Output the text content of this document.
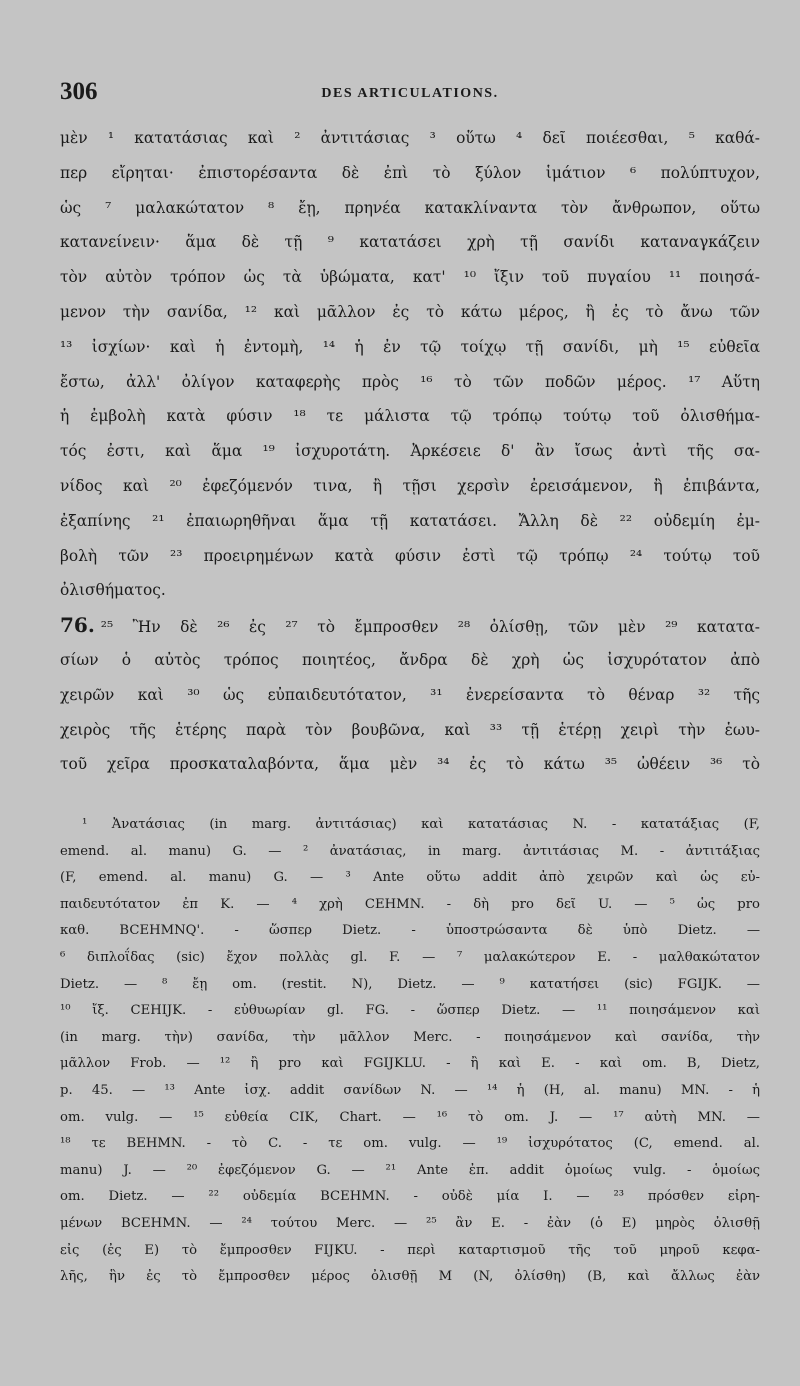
306	DES ARTICULATIONS.
μὲν ¹ κατατάσιας καὶ ² ἀντιτάσιας ³ οὕτω ⁴ δεῖ ποιέεσθαι, ⁵ καθά-
περ εἴρηται· ἐπιστορέσαντα δὲ ἐπὶ τὸ ξύλον ἱμάτιον ⁶ πολύπτυχον,
ὡς ⁷ μαλακώτατον ⁸ ἔῃ, πρηνέα κατακλίναντα τὸν ἄνθρωπον, οὕτω
κατανείνειν· ἅμα δὲ τῇ ⁹ κατατάσει χρὴ τῇ σανίδι καταναγκάζειν
τὸν αὐτὸν τρόπον ὡς τὰ ὑβώματα, κατ' ¹⁰ ἴξιν τοῦ πυγαίου ¹¹ ποιησά-
μενον τὴν σανίδα, ¹² καὶ μᾶλλον ἐς τὸ κάτω μέρος, ἢ ἐς τὸ ἄνω τῶν
¹³ ἰσχίων· καὶ ἡ ἐντομὴ, ¹⁴ ἡ ἐν τῷ τοίχῳ τῇ σανίδι, μὴ ¹⁵ εὐθεῖα
ἔστω, ἀλλ' ὀλίγον καταφερὴς πρὸς ¹⁶ τὸ τῶν ποδῶν μέρος. ¹⁷ Αὕτη
ἡ ἐμβολὴ κατὰ φύσιν ¹⁸ τε μάλιστα τῷ τρόπῳ τούτῳ τοῦ ὀλισθήμα-
τός ἐστι, καὶ ἅμα ¹⁹ ἰσχυροτάτη. Ἀρκέσειε δ' ἂν ἴσως ἀντὶ τῆς σα-
νίδος καὶ ²⁰ ἐφεζόμενόν τινα, ἢ τῇσι χερσὶν ἐρεισάμενον, ἢ ἐπιβάντα,
ἐξαπίνης ²¹ ἐπαιωρηθῆναι ἅμα τῇ κατατάσει. Ἄλλη δὲ ²² οὐδεμίη ἐμ-
βολὴ τῶν ²³ προειρημένων κατὰ φύσιν ἐστὶ τῷ τρόπῳ ²⁴ τούτῳ τοῦ
ὀλισθήματος.
76. ²⁵ Ἢν δὲ ²⁶ ἐς ²⁷ τὸ ἔμπροσθεν ²⁸ ὀλίσθῃ, τῶν μὲν ²⁹ κατατα-
σίων ὁ αὐτὸς τρόπος ποιητέος, ἄνδρα δὲ χρὴ ὡς ἰσχυρότατον ἀπὸ
χειρῶν καὶ ³⁰ ὡς εὐπαιδευτότατον, ³¹ ἐνερείσαντα τὸ θέναρ ³² τῆς
χειρὸς τῆς ἑτέρης παρὰ τὸν βουβῶνα, καὶ ³³ τῇ ἑτέρῃ χειρὶ τὴν ἑωυ-
τοῦ χεῖρα προσκαταλαβόντα, ἅμα μὲν ³⁴ ἐς τὸ κάτω ³⁵ ὠθέειν ³⁶ τὸ
¹ Ἀνατάσιας (in marg. ἀντιτάσιας) καὶ κατατάσιας N. - κατατάξιας (F,
emend. al. manu) G. — ² ἀνατάσιας, in marg. ἀντιτάσιας M. - ἀντιτάξιας
(F, emend. al. manu) G. — ³ Ante οὕτω addit ἀπὸ χειρῶν καὶ ὡς εὐ-
παιδευτότατον ἐπ K. — ⁴ χρὴ CEHMN. - δὴ pro δεῖ U. — ⁵ ὡς pro
καθ. BCEHMNQ'. - ὥσπερ Dietz. - ὑποστρώσαντα δὲ ὑπὸ Dietz. —
⁶ διπλοΐδας (sic) ἔχον πολλὰς gl. F. — ⁷ μαλακώτερον E. - μαλθακώτατον
Dietz. — ⁸ ἔῃ om. (restit. N), Dietz. — ⁹ κατατήσει (sic) FGIJK. —
¹⁰ ἴξ. CEHIJK. - εὐθυωρίαν gl. FG. - ὥσπερ Dietz. — ¹¹ ποιησάμενον καὶ
(in marg. τὴν) σανίδα, τὴν μᾶλλον Merc. - ποιησάμενον καὶ σανίδα, τὴν
μᾶλλον Frob. — ¹² ἢ pro καὶ FGIJKLU. - ἢ καὶ E. - καὶ om. B, Dietz,
p. 45. — ¹³ Ante ἰσχ. addit σανίδων N. — ¹⁴ ἡ (H, al. manu) MN. - ἡ
om. vulg. — ¹⁵ εὐθεία CIK, Chart. — ¹⁶ τὸ om. J. — ¹⁷ αὐτὴ MN. —
¹⁸ τε BEHMN. - τὸ C. - τε om. vulg. — ¹⁹ ἰσχυρότατος (C, emend. al.
manu) J. — ²⁰ ἐφεζόμενον G. — ²¹ Ante ἐπ. addit ὁμοίως vulg. - ὁμοίως
om. Dietz. — ²² οὐδεμία BCEHMN. - οὐδὲ μία I. — ²³ πρόσθεν εἰρη-
μένων BCEHMN. — ²⁴ τούτου Merc. — ²⁵ ἂν E. - ἐὰν (ὁ E) μηρὸς ὀλισθῇ
εἰς (ἐς E) τὸ ἔμπροσθεν FIJKU. - περὶ καταρτισμοῦ τῆς τοῦ μηροῦ κεφα-
λῆς, ἣν ἐς τὸ ἔμπροσθεν μέρος ὀλισθῇ M (N, ὀλίσθη) (B, καὶ ἄλλως ἐὰν
